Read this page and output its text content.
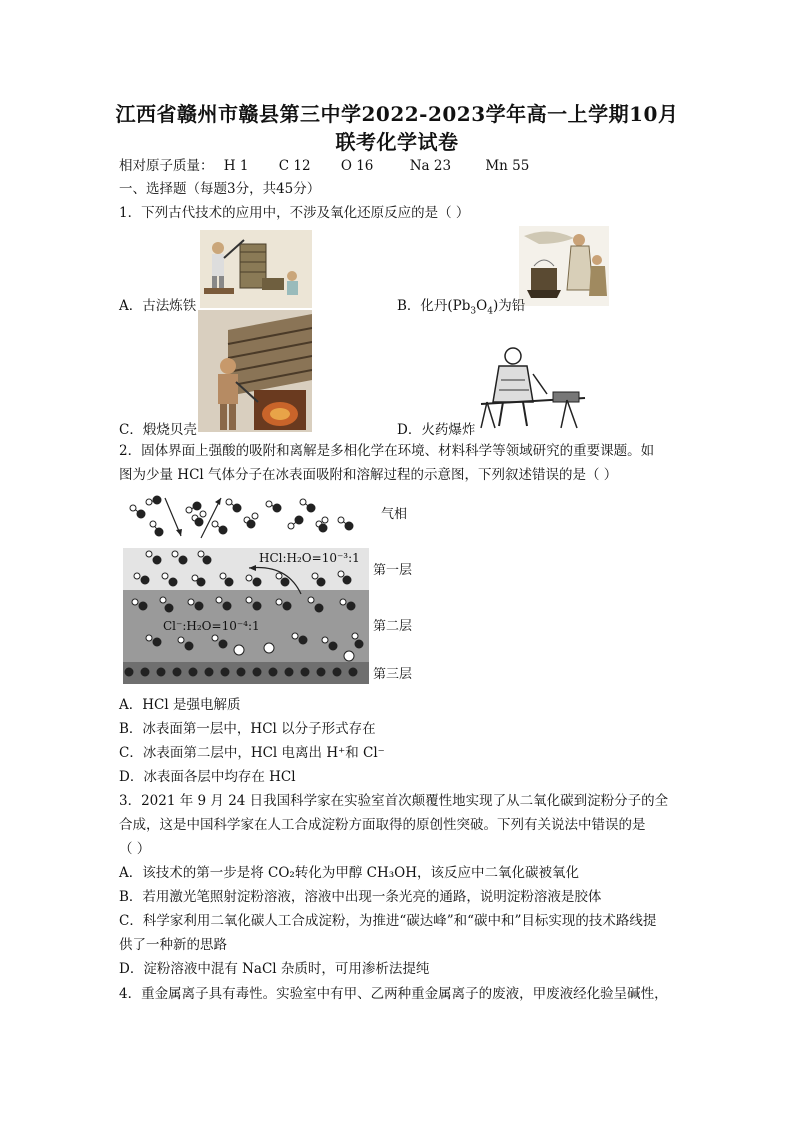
江西省赣州市赣县第三中学2022-2023学年高一上学期10月
联考化学试卷
相对原子质量： H 1 C 12 O 16	Na 23	Mn 55
一、选择题（每题3分，共45分）
1．下列古代技术的应用中，不涉及氧化还原反应的是（ ）
A．古法炼铁	B．化丹$(Pb_3O_4)$为铅
C．煅烧贝壳	D．火药爆炸
2．固体界面上强酸的吸附和离解是多相化学在环境、材料科学等领域研究的重要课题。如
图为少量 HCl 气体分子在冰表面吸附和溶解过程的示意图，下列叙述错误的是（ ）
HCl:H₂O=10⁻³:1
Cl⁻:H₂O=10⁻⁴:1
气相
第一层
第二层
第三层
A．HCl 是强电解质
B．冰表面第一层中，HCl 以分子形式存在
C．冰表面第二层中，HCl 电离出 H⁺和 Cl⁻
D．冰表面各层中均存在 HCl
3．2021 年 9 月 24 日我国科学家在实验室首次颠覆性地实现了从二氧化碳到淀粉分子的全
合成，这是中国科学家在人工合成淀粉方面取得的原创性突破。下列有关说法中错误的是
（ ）
A．该技术的第一步是将 CO₂转化为甲醇 CH₃OH，该反应中二氧化碳被氧化
B．若用激光笔照射淀粉溶液，溶液中出现一条光亮的通路，说明淀粉溶液是胶体
C．科学家利用二氧化碳人工合成淀粉，为推进“碳达峰”和“碳中和”目标实现的技术路线提
供了一种新的思路
D．淀粉溶液中混有 NaCl 杂质时，可用渗析法提纯
4．重金属离子具有毒性。实验室中有甲、乙两种重金属离子的废液，甲废液经化验呈碱性，
